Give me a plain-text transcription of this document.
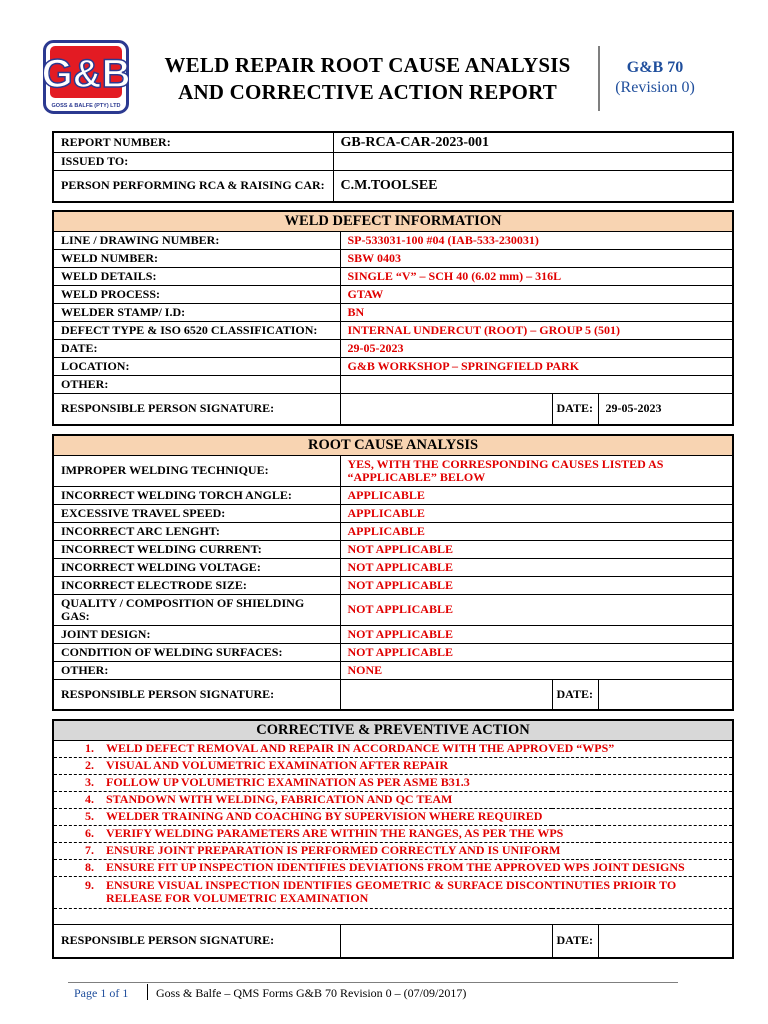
G&B
GOSS & BALFE (PTY) LTD
WELD REPAIR ROOT CAUSE ANALYSIS
AND CORRECTIVE ACTION REPORT
G&B 70
(Revision 0)
REPORT NUMBER:	GB-RCA-CAR-2023-001
ISSUED TO:	
PERSON PERFORMING RCA & RAISING CAR:	C.M.TOOLSEE
WELD DEFECT INFORMATION			
LINE / DRAWING NUMBER:	SP-533031-100 #04 (IAB-533-230031)		
WELD NUMBER:	SBW 0403		
WELD DETAILS:	SINGLE “V” – SCH 40 (6.02 mm) – 316L		
WELD PROCESS:	GTAW		
WELDER STAMP/ I.D:	BN		
DEFECT TYPE & ISO 6520 CLASSIFICATION:	INTERNAL UNDERCUT (ROOT) – GROUP 5 (501)		
DATE:	29-05-2023		
LOCATION:	G&B WORKSHOP – SPRINGFIELD PARK		
OTHER:			
RESPONSIBLE PERSON SIGNATURE:		DATE:	29-05-2023
ROOT CAUSE ANALYSIS			
IMPROPER WELDING TECHNIQUE:	YES, WITH THE CORRESPONDING CAUSES LISTED AS “APPLICABLE” BELOW		
INCORRECT WELDING TORCH ANGLE:	APPLICABLE		
EXCESSIVE TRAVEL SPEED:	APPLICABLE		
INCORRECT ARC LENGHT:	APPLICABLE		
INCORRECT WELDING CURRENT:	NOT APPLICABLE		
INCORRECT WELDING VOLTAGE:	NOT APPLICABLE		
INCORRECT ELECTRODE SIZE:	NOT APPLICABLE		
QUALITY / COMPOSITION OF SHIELDING GAS:	NOT APPLICABLE		
JOINT DESIGN:	NOT APPLICABLE		
CONDITION OF WELDING SURFACES:	NOT APPLICABLE		
OTHER:	NONE		
RESPONSIBLE PERSON SIGNATURE:		DATE:	
CORRECTIVE & PREVENTIVE ACTION
1. WELD DEFECT REMOVAL AND REPAIR IN ACCORDANCE WITH THE APPROVED “WPS”
2. VISUAL AND VOLUMETRIC EXAMINATION AFTER REPAIR
3. FOLLOW UP VOLUMETRIC EXAMINATION AS PER ASME B31.3
4. STANDOWN WITH WELDING, FABRICATION AND QC TEAM
5. WELDER TRAINING AND COACHING BY SUPERVISION WHERE REQUIRED
6. VERIFY WELDING PARAMETERS ARE WITHIN THE RANGES, AS PER THE WPS
7. ENSURE JOINT PREPARATION IS PERFORMED CORRECTLY AND IS UNIFORM
8. ENSURE FIT UP INSPECTION IDENTIFIES DEVIATIONS FROM THE APPROVED WPS JOINT DESIGNS

9. ENSURE VISUAL INSPECTION IDENTIFIES GEOMETRIC & SURFACE DISCONTINUTIES PRIOIR TO RELEASE FOR VOLUMETRIC EXAMINATION

RESPONSIBLE PERSON SIGNATURE:		DATE:	
Page 1 of 1 Goss & Balfe – QMS Forms G&B 70 Revision 0 – (07/09/2017)
